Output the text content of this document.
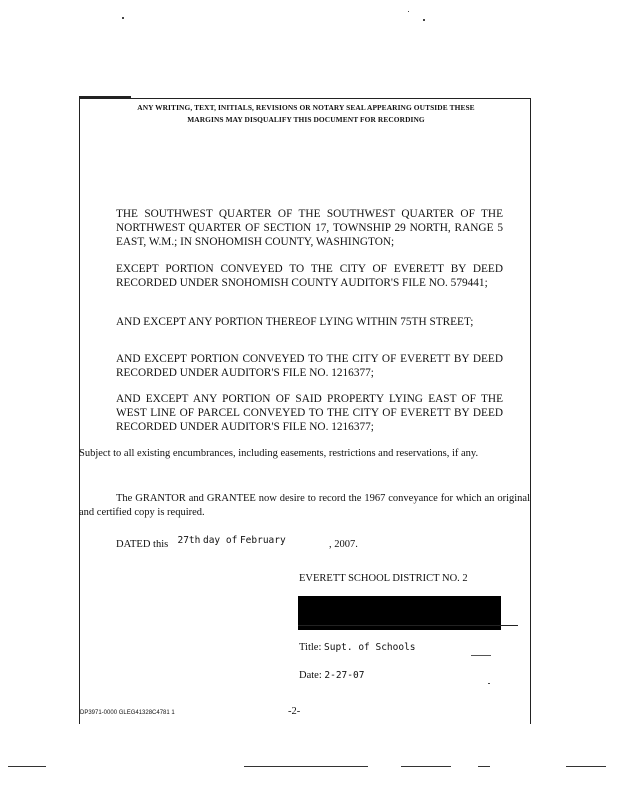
ANY WRITING, TEXT, INITIALS, REVISIONS OR NOTARY SEAL APPEARING OUTSIDE THESE
MARGINS MAY DISQUALIFY THIS DOCUMENT FOR RECORDING
THE SOUTHWEST QUARTER OF THE SOUTHWEST QUARTER OF THE NORTHWEST QUARTER OF SECTION 17, TOWNSHIP 29 NORTH, RANGE 5 EAST, W.M.; IN SNOHOMISH COUNTY, WASHINGTON;
EXCEPT PORTION CONVEYED TO THE CITY OF EVERETT BY DEED RECORDED UNDER SNOHOMISH COUNTY AUDITOR'S FILE NO. 579441;
AND EXCEPT ANY PORTION THEREOF LYING WITHIN 75TH STREET;
AND EXCEPT PORTION CONVEYED TO THE CITY OF EVERETT BY DEED RECORDED UNDER AUDITOR'S FILE NO. 1216377;
AND EXCEPT ANY PORTION OF SAID PROPERTY LYING EAST OF THE WEST LINE OF PARCEL CONVEYED TO THE CITY OF EVERETT BY DEED RECORDED UNDER AUDITOR'S FILE NO. 1216377;
Subject to all existing encumbrances, including easements, restrictions and reservations, if any.
The GRANTOR and GRANTEE now desire to record the 1967 conveyance for which an original and certified copy is required.
DATED this 27th day of February	, 2007.
EVERETT SCHOOL DISTRICT NO. 2
Title: Supt. of Schools
Date: 2-27-07
DP3971-0000 GLEG41328C4781 1	-2-
